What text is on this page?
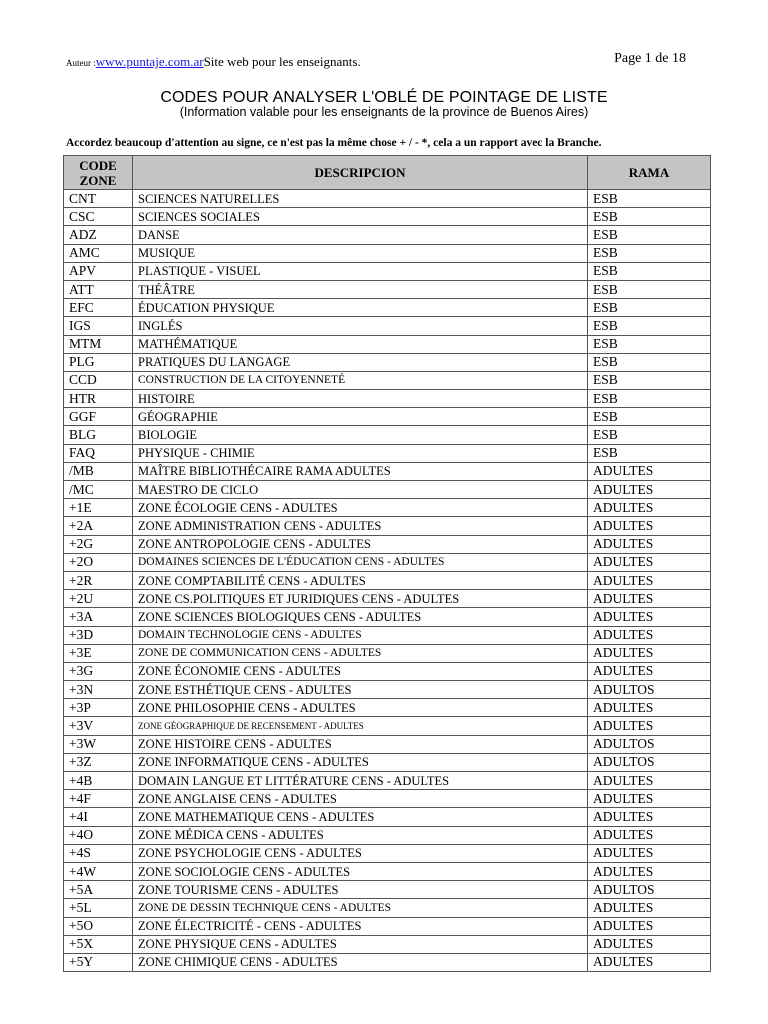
Auteur :www.puntaje.com.arSite web pour les enseignants.	Page 1 de 18
CODES POUR ANALYSER L'OBLÉ DE POINTAGE DE LISTE
(Information valable pour les enseignants de la province de Buenos Aires)
Accordez beaucoup d'attention au signe, ce n'est pas la même chose + / - *, cela a un rapport avec la Branche.
CODE ZONE	DESCRIPCION	RAMA
CNT	SCIENCES NATURELLES	ESB
CSC	SCIENCES SOCIALES	ESB
ADZ	DANSE	ESB
AMC	MUSIQUE	ESB
APV	PLASTIQUE - VISUEL	ESB
ATT	THÉÂTRE	ESB
EFC	ÉDUCATION PHYSIQUE	ESB
IGS	INGLÉS	ESB
MTM	MATHÉMATIQUE	ESB
PLG	PRATIQUES DU LANGAGE	ESB
CCD	CONSTRUCTION DE LA CITOYENNETÉ	ESB
HTR	HISTOIRE	ESB
GGF	GÉOGRAPHIE	ESB
BLG	BIOLOGIE	ESB
FAQ	PHYSIQUE - CHIMIE	ESB
/MB	MAÎTRE BIBLIOTHÉCAIRE RAMA ADULTES	ADULTES
/MC	MAESTRO DE CICLO	ADULTES
+1E	ZONE ÉCOLOGIE CENS - ADULTES	ADULTES
+2A	ZONE ADMINISTRATION CENS - ADULTES	ADULTES
+2G	ZONE ANTROPOLOGIE CENS - ADULTES	ADULTES
+2O	DOMAINES SCIENCES DE L'ÉDUCATION CENS - ADULTES	ADULTES
+2R	ZONE COMPTABILITÉ CENS - ADULTES	ADULTES
+2U	ZONE CS.POLITIQUES ET JURIDIQUES CENS - ADULTES	ADULTES
+3A	ZONE SCIENCES BIOLOGIQUES CENS - ADULTES	ADULTES
+3D	DOMAIN TECHNOLOGIE CENS - ADULTES	ADULTES
+3E	ZONE DE COMMUNICATION CENS - ADULTES	ADULTES
+3G	ZONE ÉCONOMIE CENS - ADULTES	ADULTES
+3N	ZONE ESTHÉTIQUE CENS - ADULTES	ADULTOS
+3P	ZONE PHILOSOPHIE CENS - ADULTES	ADULTES
+3V	ZONE GÉOGRAPHIQUE DE RECENSEMENT - ADULTES	ADULTES
+3W	ZONE HISTOIRE CENS - ADULTES	ADULTOS
+3Z	ZONE INFORMATIQUE CENS - ADULTES	ADULTOS
+4B	DOMAIN LANGUE ET LITTÉRATURE CENS - ADULTES	ADULTES
+4F	ZONE ANGLAISE CENS - ADULTES	ADULTES
+4I	ZONE MATHEMATIQUE CENS - ADULTES	ADULTES
+4O	ZONE MÉDICA CENS - ADULTES	ADULTES
+4S	ZONE PSYCHOLOGIE CENS - ADULTES	ADULTES
+4W	ZONE SOCIOLOGIE CENS - ADULTES	ADULTES
+5A	ZONE TOURISME CENS - ADULTES	ADULTOS
+5L	ZONE DE DESSIN TECHNIQUE CENS - ADULTES	ADULTES
+5O	ZONE ÉLECTRICITÉ - CENS - ADULTES	ADULTES
+5X	ZONE PHYSIQUE CENS - ADULTES	ADULTES
+5Y	ZONE CHIMIQUE CENS - ADULTES	ADULTES
